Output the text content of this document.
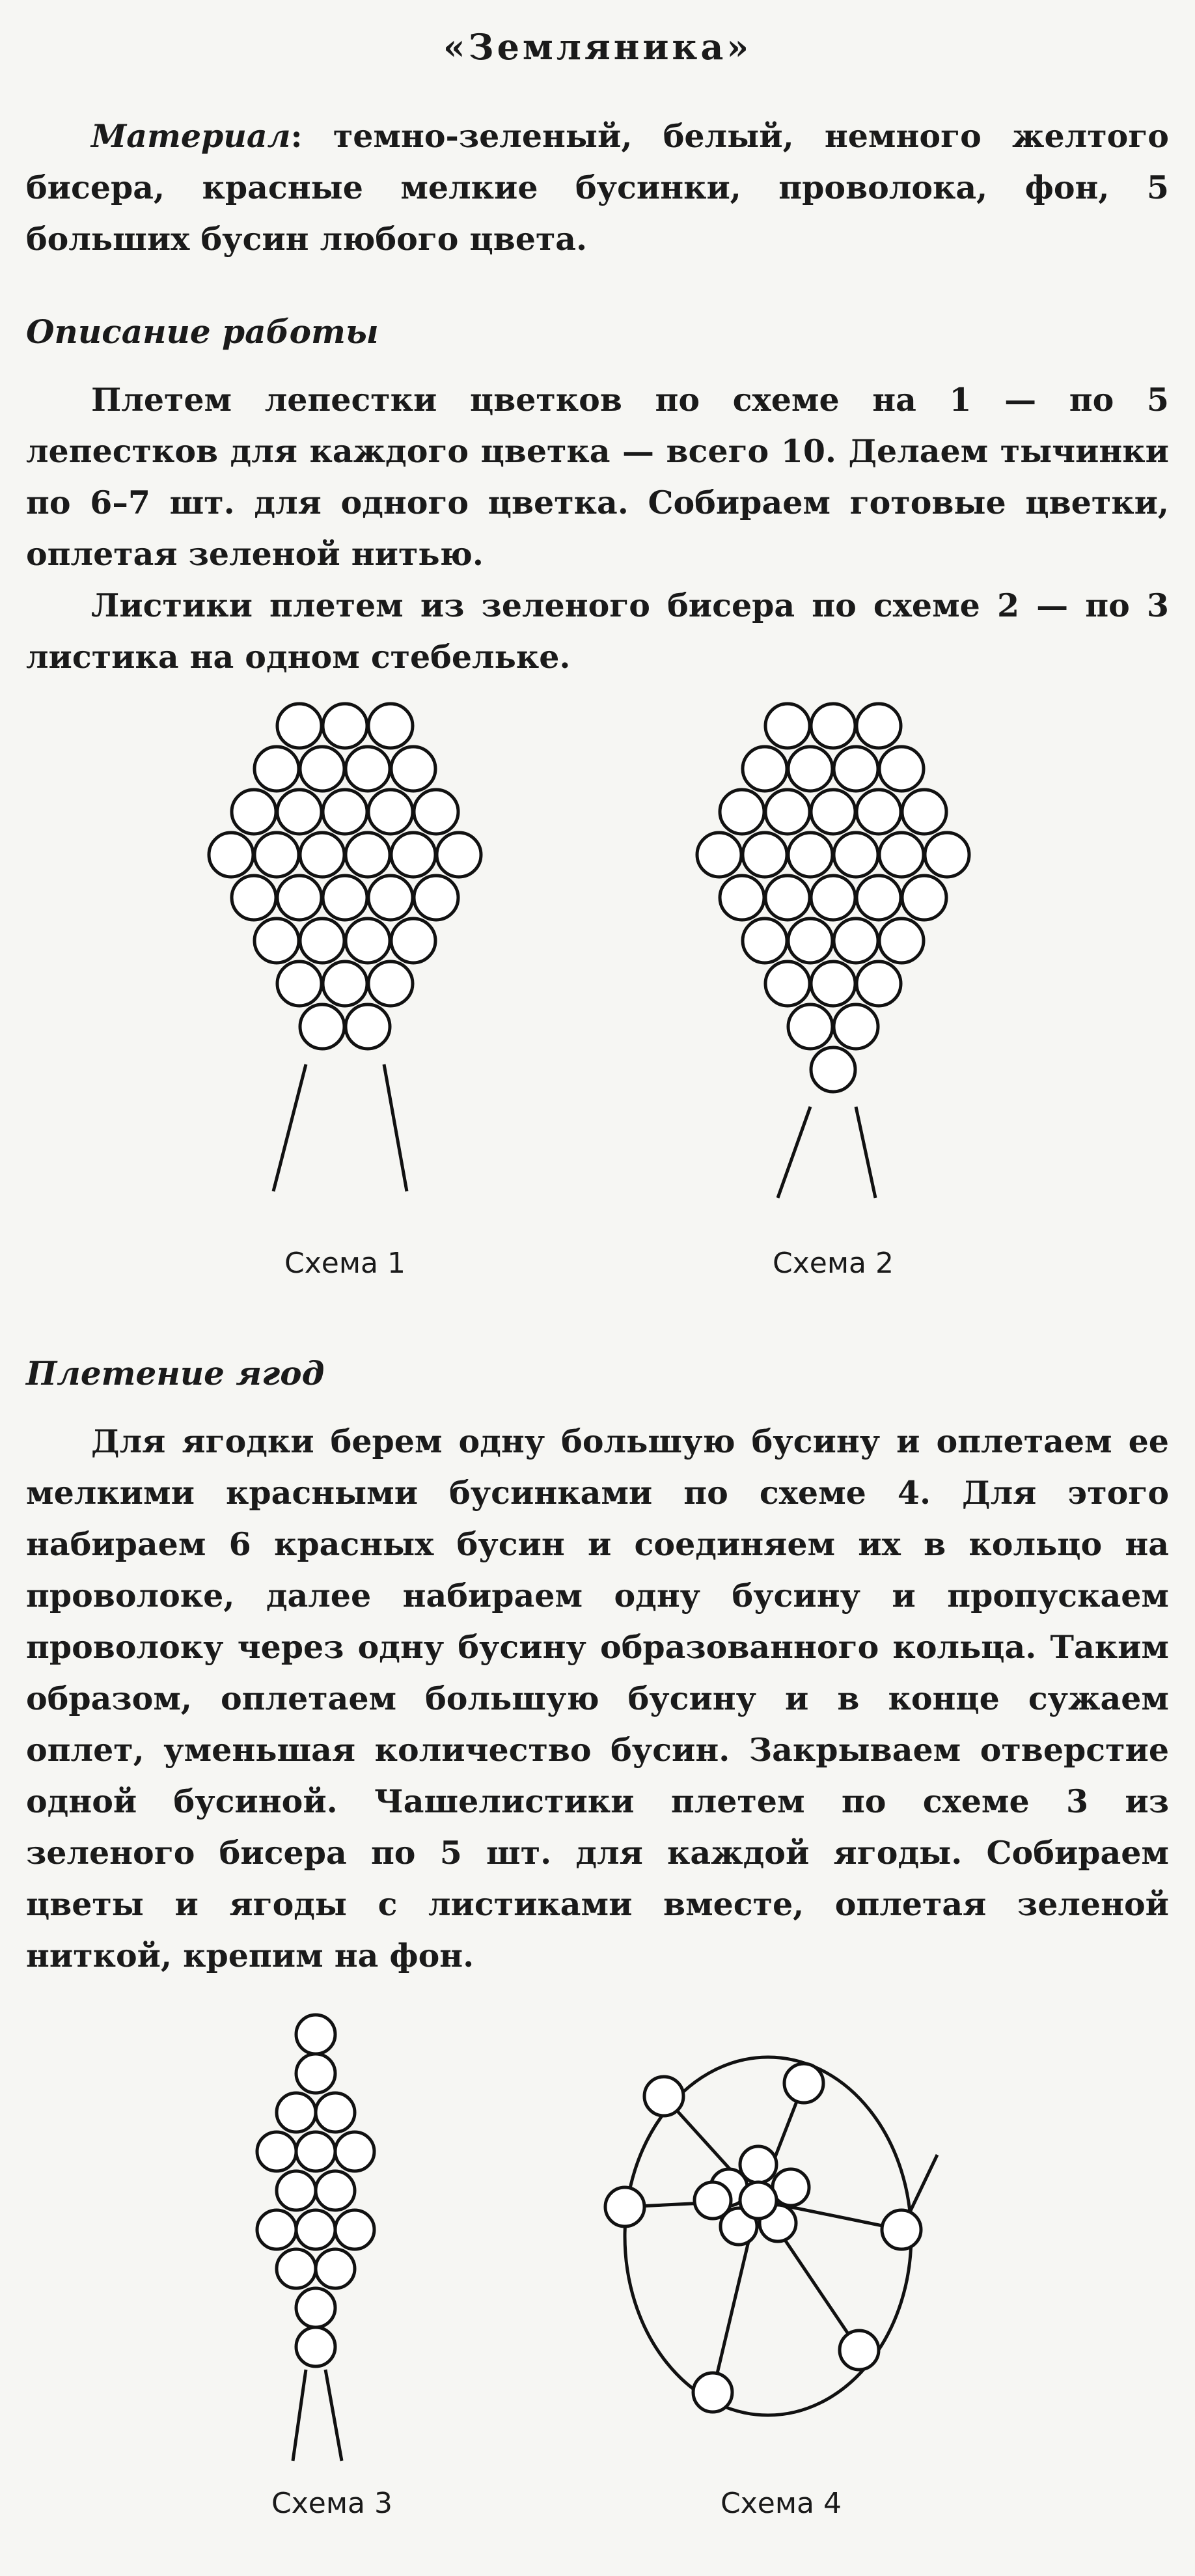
«Земляника»

Материал: темно-зеленый, белый, немного желтого бисера, красные мелкие бусинки, проволока, фон, 5 больших бусин любого цвета.

Описание работы

Плетем лепестки цветков по схеме на 1 — по 5 лепестков для каждого цветка — всего 10. Делаем тычинки по 6–7 шт. для одного цветка. Собираем готовые цветки, оплетая зеленой нитью.

Листики плетем из зеленого бисера по схеме 2 — по 3 листика на одном стебельке.

Схема 1	Схема 2
Плетение ягод

Для ягодки берем одну большую бусину и оплетаем ее мелкими красными бусинками по схеме 4. Для этого набираем 6 красных бусин и соединяем их в кольцо на проволоке, далее набираем одну бусину и пропускаем проволоку через одну бусину образованного кольца. Таким образом, оплетаем большую бусину и в конце сужаем оплет, уменьшая количество бусин. Закрываем отверстие одной бусиной. Чашелистики плетем по схеме 3 из зеленого бисера по 5 шт. для каждой ягоды. Собираем цветы и ягоды с листиками вместе, оплетая зеленой ниткой, крепим на фон.

Схема 3	Схема 4
